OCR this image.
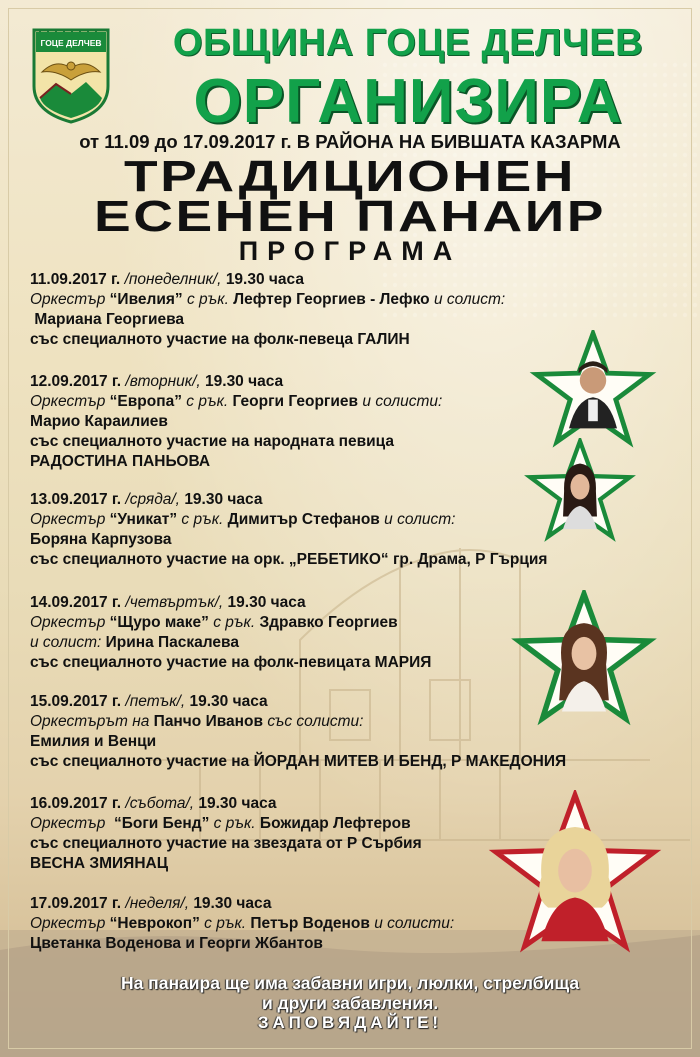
ГОЦЕ ДЕЛЧЕВ	ОБЩИНА ГОЦЕ ДЕЛЧЕВ
ОРГАНИЗИРА
от 11.09 до 17.09.2017 г. В РАЙОНА НА БИВШАТА КАЗАРМА
ТРАДИЦИОНЕН
ЕСЕНЕН ПАНАИР
ПРОГРАМА
11.09.2017 г. /понеделник/, 19.30 часа
Оркестър “Ивелия” с рък. Лефтер Георгиев - Лефко и солист:
Мариана Георгиева
със специалното участие на фолк-певеца ГАЛИН
12.09.2017 г. /вторник/, 19.30 часа
Оркестър “Европа” с рък. Георги Георгиев и солисти:
Марио Караилиев
със специалното участие на народната певица
РАДОСТИНА ПАНЬОВА
13.09.2017 г. /сряда/, 19.30 часа
Оркестър “Уникат” с рък. Димитър Стефанов и солист:
Боряна Карпузова
със специалното участие на орк. „РЕБЕТИКО“ гр. Драма, Р Гърция
14.09.2017 г. /четвъртък/, 19.30 часа
Оркестър “Щуро маке” с рък. Здравко Георгиев
и солист: Ирина Паскалева
със специалното участие на фолк-певицата МАРИЯ
15.09.2017 г. /петък/, 19.30 часа
Оркестърът на Панчо Иванов със солисти:
Емилия и Венци
със специалното участие на ЙОРДАН МИТЕВ И БЕНД, Р МАКЕДОНИЯ
16.09.2017 г. /събота/, 19.30 часа
Оркестър “Боги Бенд” с рък. Божидар Лефтеров
със специалното участие на звездата от Р Сърбия
ВЕСНА ЗМИЯНАЦ
17.09.2017 г. /неделя/, 19.30 часа
Оркестър “Неврокоп” с рък. Петър Воденов и солисти:
Цветанка Воденова и Георги Жбантов
На панаира ще има забавни игри, люлки, стрелбища
и други забавления.
ЗАПОВЯДАЙТЕ!
